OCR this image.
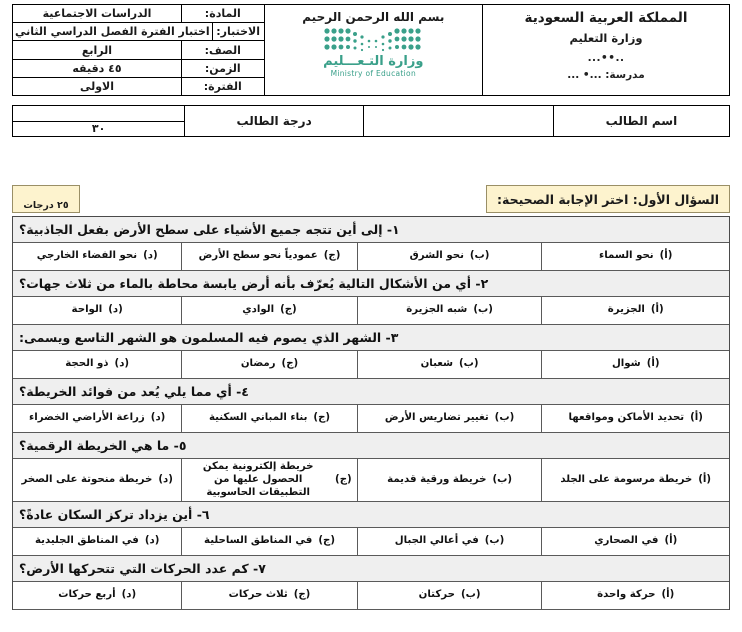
المملكة العربية السعودية
وزارة التعليم
..••...
مدرسة: ...• ...
بسم الله الرحمن الرحيم
وزارة التـعـــليم
Ministry of Education
المادة:
الدراسات الاجتماعية
الاختبار:
اختبار الفترة الفصل الدراسي الثاني
الصف:
الرابع
الزمن:
٤٥ دقيقه
الفترة:
الاولى
اسم الطالب
درجة الطالب
٣٠
السؤال الأول: اختر الإجابة الصحيحة:
٢٥ درجات
١- إلى أين تتجه جميع الأشياء على سطح الأرض بفعل الجاذبية؟
(أ)
نحو السماء
(ب)
نحو الشرق
(ج)
عمودياً نحو سطح الأرض
(د)
نحو الفضاء الخارجي
٢- أي من الأشكال التالية يُعرّف بأنه أرض يابسة محاطة بالماء من ثلاث جهات؟
(أ)
الجزيرة
(ب)
شبه الجزيرة
(ج)
الوادي
(د)
الواحة
٣- الشهر الذي يصوم فيه المسلمون هو الشهر التاسع ويسمى:
(أ)
شوال
(ب)
شعبان
(ج)
رمضان
(د)
ذو الحجة
٤- أي مما يلي يُعد من فوائد الخريطة؟
(أ)
تحديد الأماكن ومواقعها
(ب)
تغيير تضاريس الأرض
(ج)
بناء المباني السكنية
(د)
زراعة الأراضي الخضراء
٥- ما هي الخريطة الرقمية؟
(أ)
خريطة مرسومة على الجلد
(ب)
خريطة ورقية قديمة
(ج)
خريطة إلكترونية يمكن الحصول عليها من التطبيقات الحاسوبية
(د)
خريطة منحوتة على الصخر
٦- أين يزداد تركز السكان عادةً؟
(أ)
في الصحاري
(ب)
في أعالي الجبال
(ج)
في المناطق الساحلية
(د)
في المناطق الجليدية
٧- كم عدد الحركات التي تتحركها الأرض؟
(أ)
حركة واحدة
(ب)
حركتان
(ج)
ثلاث حركات
(د)
أربع حركات
